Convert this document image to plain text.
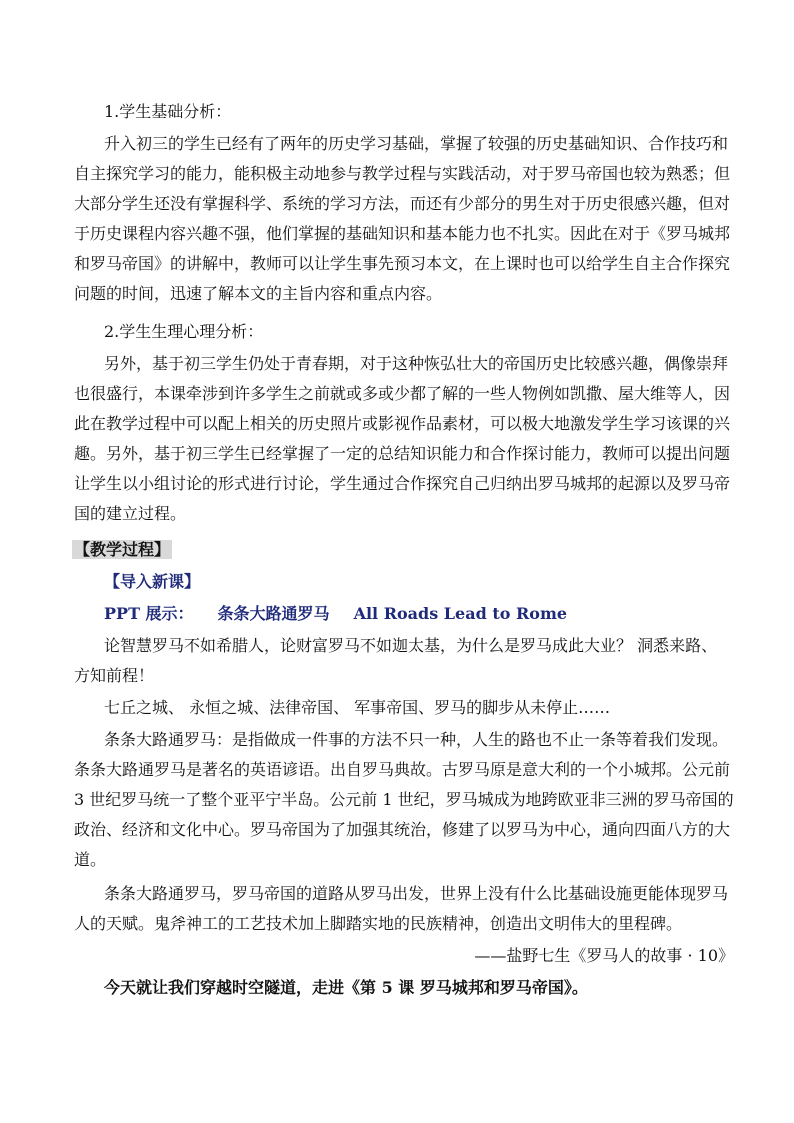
1.学生基础分析：
升入初三的学生已经有了两年的历史学习基础，掌握了较强的历史基础知识、合作技巧和
自主探究学习的能力，能积极主动地参与教学过程与实践活动，对于罗马帝国也较为熟悉；但
大部分学生还没有掌握科学、系统的学习方法，而还有少部分的男生对于历史很感兴趣，但对
于历史课程内容兴趣不强，他们掌握的基础知识和基本能力也不扎实。因此在对于《罗马城邦
和罗马帝国》的讲解中，教师可以让学生事先预习本文，在上课时也可以给学生自主合作探究
问题的时间，迅速了解本文的主旨内容和重点内容。
2.学生生理心理分析：
另外，基于初三学生仍处于青春期，对于这种恢弘壮大的帝国历史比较感兴趣，偶像崇拜
也很盛行，本课牵涉到许多学生之前就或多或少都了解的一些人物例如凯撒、屋大维等人，因
此在教学过程中可以配上相关的历史照片或影视作品素材，可以极大地激发学生学习该课的兴
趣。另外，基于初三学生已经掌握了一定的总结知识能力和合作探讨能力，教师可以提出问题
让学生以小组讨论的形式进行讨论，学生通过合作探究自己归纳出罗马城邦的起源以及罗马帝
国的建立过程。
【教学过程】
【导入新课】
PPT 展示： 条条大路通罗马 All Roads Lead to Rome
论智慧罗马不如希腊人，论财富罗马不如迦太基，为什么是罗马成此大业？ 洞悉来路、
方知前程！
七丘之城、 永恒之城、法律帝国、 军事帝国、罗马的脚步从未停止……
条条大路通罗马：是指做成一件事的方法不只一种，人生的路也不止一条等着我们发现。
条条大路通罗马是著名的英语谚语。出自罗马典故。古罗马原是意大利的一个小城邦。公元前
3 世纪罗马统一了整个亚平宁半岛。公元前 1 世纪，罗马城成为地跨欧亚非三洲的罗马帝国的
政治、经济和文化中心。罗马帝国为了加强其统治，修建了以罗马为中心，通向四面八方的大
道。
条条大路通罗马，罗马帝国的道路从罗马出发，世界上没有什么比基础设施更能体现罗马
人的天赋。鬼斧神工的工艺技术加上脚踏实地的民族精神，创造出文明伟大的里程碑。
——盐野七生《罗马人的故事 · 10》
今天就让我们穿越时空隧道，走进《第 5 课 罗马城邦和罗马帝国》。
